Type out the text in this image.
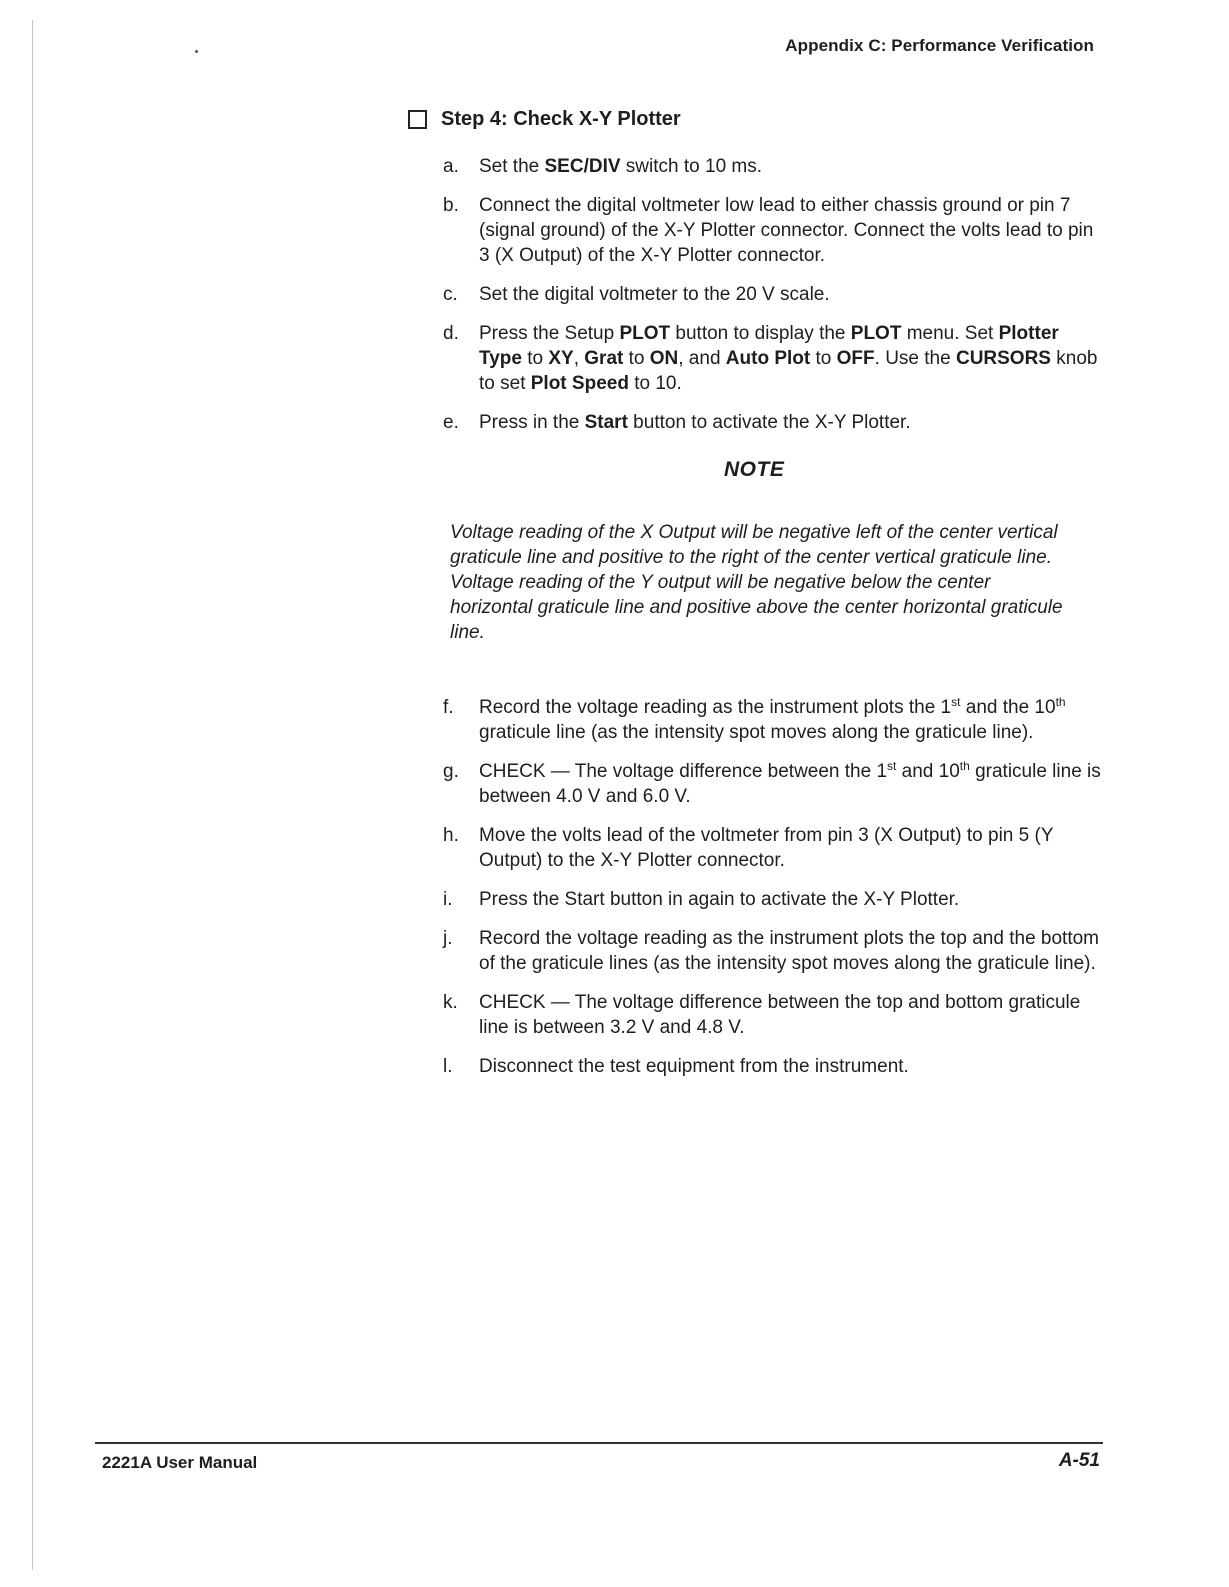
Appendix C: Performance Verification
Step 4: Check X-Y Plotter
a.	Set the SEC/DIV switch to 10 ms.
b.	Connect the digital voltmeter low lead to either chassis ground or pin 7 (signal ground) of the X-Y Plotter connector. Connect the volts lead to pin 3 (X Output) of the X-Y Plotter connector.
c.	Set the digital voltmeter to the 20 V scale.
d.	Press the Setup PLOT button to display the PLOT menu. Set Plotter Type to XY, Grat to ON, and Auto Plot to OFF. Use the CURSORS knob to set Plot Speed to 10.
e.	Press in the Start button to activate the X-Y Plotter.
NOTE
Voltage reading of the X Output will be negative left of the center vertical graticule line and positive to the right of the center vertical graticule line. Voltage reading of the Y output will be negative below the center horizontal graticule line and positive above the center horizontal graticule line.
f.	Record the voltage reading as the instrument plots the 1st and the 10th graticule line (as the intensity spot moves along the graticule line).
g.	CHECK — The voltage difference between the 1st and 10th graticule line is between 4.0 V and 6.0 V.
h.	Move the volts lead of the voltmeter from pin 3 (X Output) to pin 5 (Y Output) to the X-Y Plotter connector.
i.	Press the Start button in again to activate the X-Y Plotter.
j.	Record the voltage reading as the instrument plots the top and the bottom of the graticule lines (as the intensity spot moves along the graticule line).
k.	CHECK — The voltage difference between the top and bottom graticule line is between 3.2 V and 4.8 V.
l.	Disconnect the test equipment from the instrument.
2221A User Manual	A-51
